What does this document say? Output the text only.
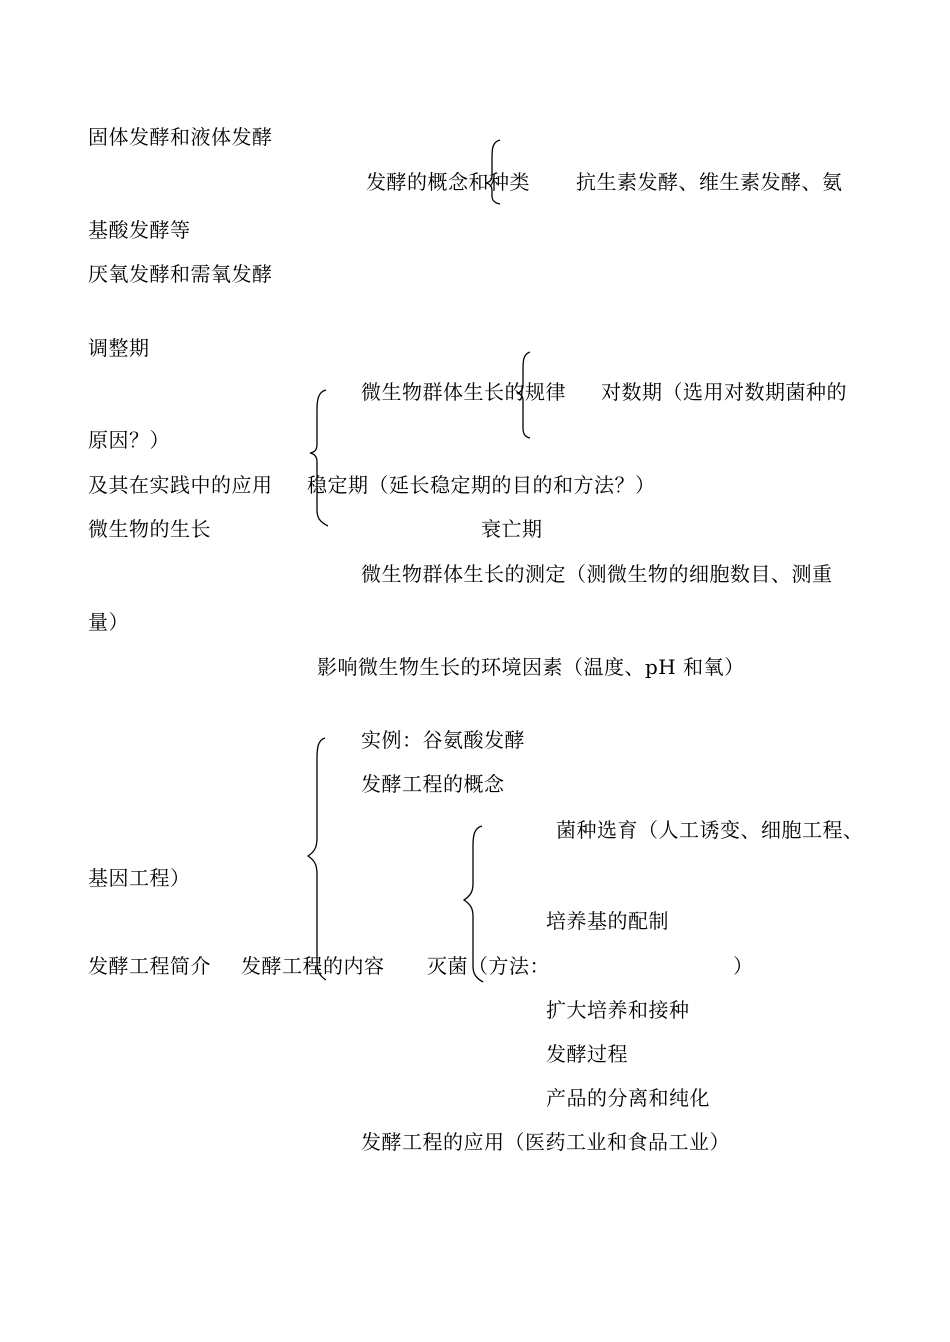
固体发酵和液体发酵
发酵的概念和种类 抗生素发酵、维生素发酵、氨
基酸发酵等
厌氧发酵和需氧发酵
调整期
微生物群体生长的规律 对数期（选用对数期菌种的
原因？）
及其在实践中的应用 稳定期（延长稳定期的目的和方法？）
微生物的生长	衰亡期
微生物群体生长的测定（测微生物的细胞数目、测重
量）
影响微生物生长的环境因素（温度、pH 和氧）
实例：谷氨酸发酵
发酵工程的概念
菌种选育（人工诱变、细胞工程、
基因工程）
培养基的配制
发酵工程简介 发酵工程的内容 灭菌（方法：	）
扩大培养和接种
发酵过程
产品的分离和纯化
发酵工程的应用（医药工业和食品工业）
